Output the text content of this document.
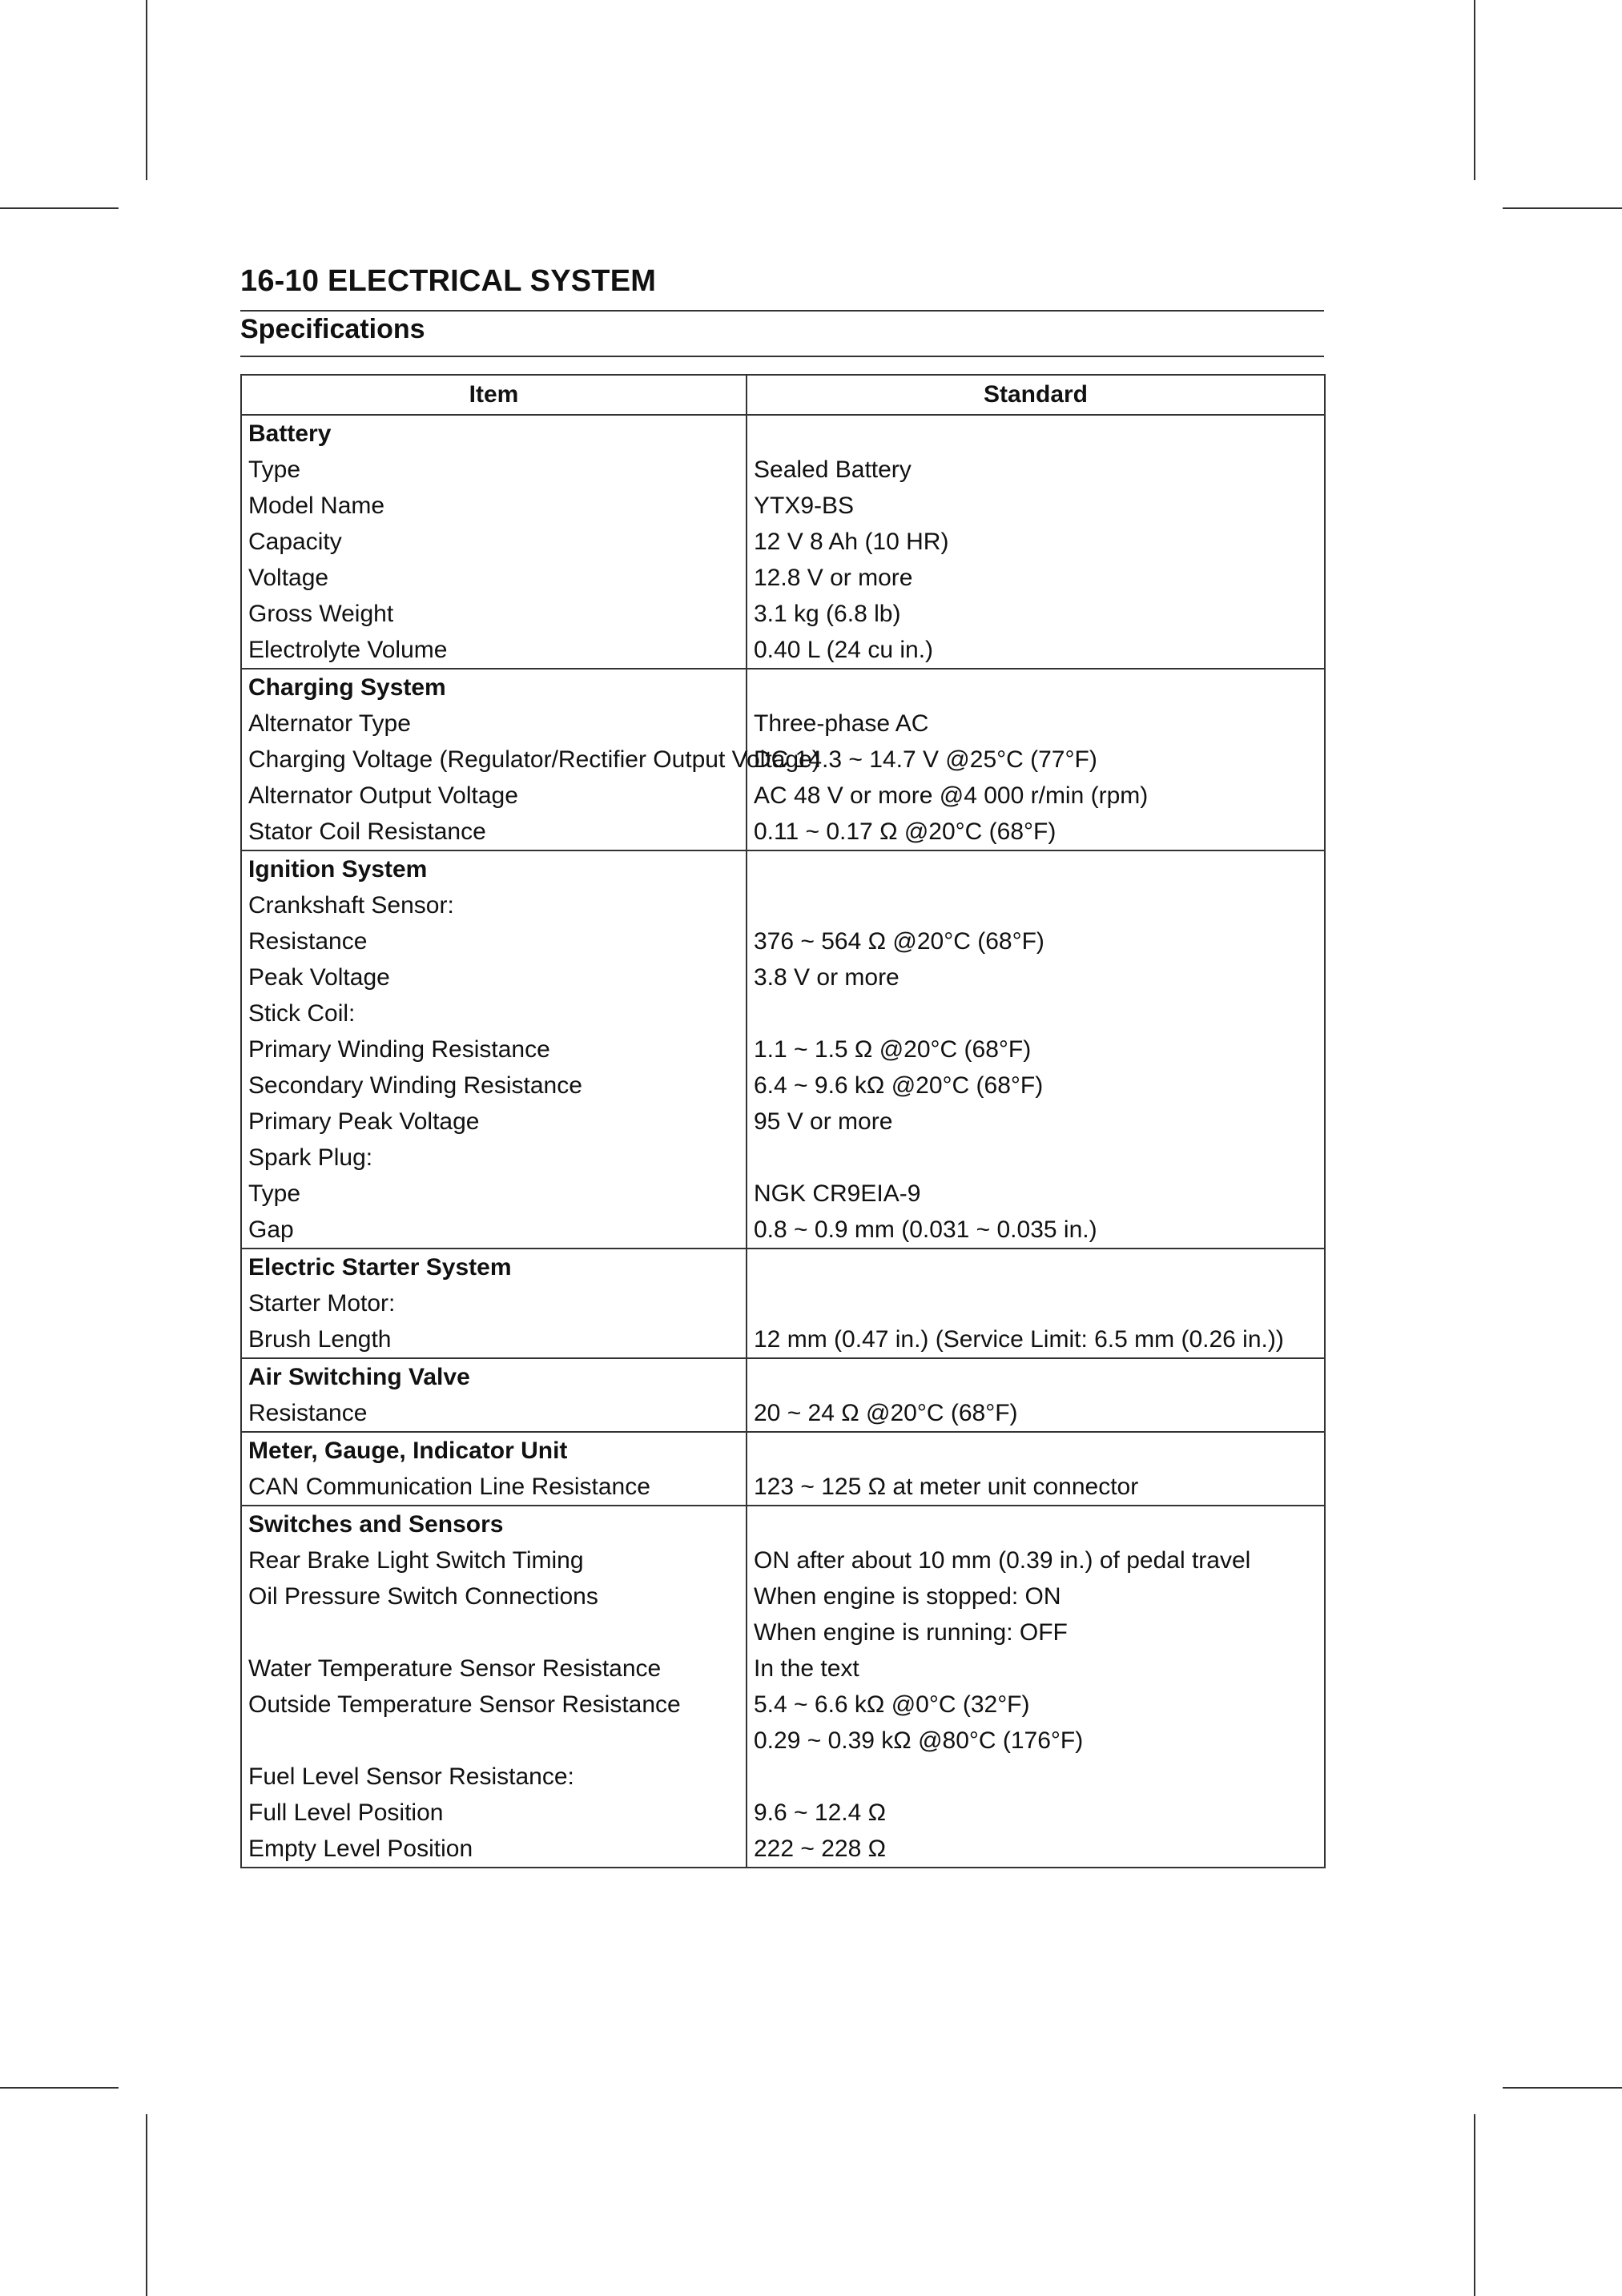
16-10 ELECTRICAL SYSTEM
Specifications
Item	Standard
Battery	
Type	Sealed Battery
Model Name	YTX9-BS
Capacity	12 V 8 Ah (10 HR)
Voltage	12.8 V or more
Gross Weight	3.1 kg (6.8 lb)
Electrolyte Volume	0.40 L (24 cu in.)
Charging System	
Alternator Type	Three-phase AC
Charging Voltage (Regulator/Rectifier Output Voltage)	DC 14.3 ~ 14.7 V @25°C (77°F)
Alternator Output Voltage	AC 48 V or more @4 000 r/min (rpm)
Stator Coil Resistance	0.11 ~ 0.17 Ω @20°C (68°F)
Ignition System	
Crankshaft Sensor:	
Resistance	376 ~ 564 Ω @20°C (68°F)
Peak Voltage	3.8 V or more
Stick Coil:	
Primary Winding Resistance	1.1 ~ 1.5 Ω @20°C (68°F)
Secondary Winding Resistance	6.4 ~ 9.6 kΩ @20°C (68°F)
Primary Peak Voltage	95 V or more
Spark Plug:	
Type	NGK CR9EIA-9
Gap	0.8 ~ 0.9 mm (0.031 ~ 0.035 in.)
Electric Starter System	
Starter Motor:	
Brush Length	12 mm (0.47 in.) (Service Limit: 6.5 mm (0.26 in.))
Air Switching Valve	
Resistance	20 ~ 24 Ω @20°C (68°F)
Meter, Gauge, Indicator Unit	
CAN Communication Line Resistance	123 ~ 125 Ω at meter unit connector
Switches and Sensors	
Rear Brake Light Switch Timing	ON after about 10 mm (0.39 in.) of pedal travel
Oil Pressure Switch Connections	When engine is stopped: ON
	When engine is running: OFF
Water Temperature Sensor Resistance	In the text
Outside Temperature Sensor Resistance	5.4 ~ 6.6 kΩ @0°C (32°F)
	0.29 ~ 0.39 kΩ @80°C (176°F)
Fuel Level Sensor Resistance:	
Full Level Position	9.6 ~ 12.4 Ω
Empty Level Position	222 ~ 228 Ω
